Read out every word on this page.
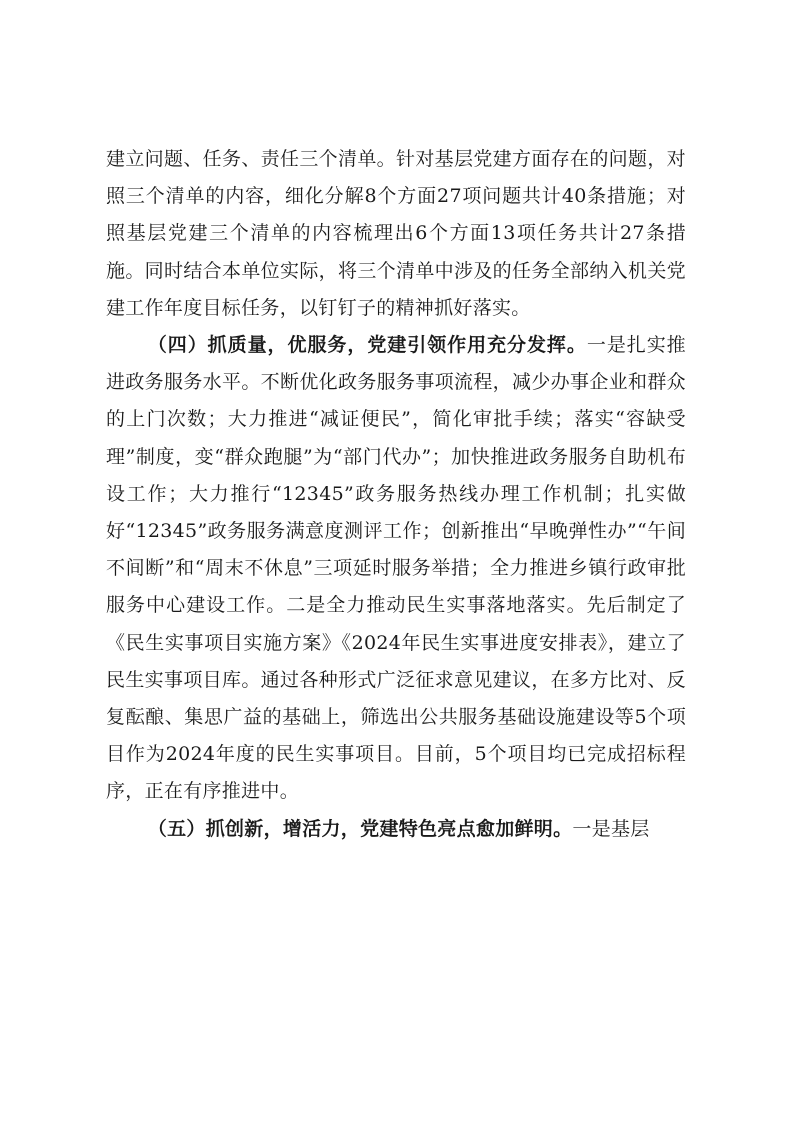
建立问题、任务、责任三个清单。针对基层党建方面存在的问题，对照三个清单的内容，细化分解8个方面27项问题共计40条措施；对照基层党建三个清单的内容梳理出6个方面13项任务共计27条措施。同时结合本单位实际，将三个清单中涉及的任务全部纳入机关党建工作年度目标任务，以钉钉子的精神抓好落实。

（四）抓质量，优服务，党建引领作用充分发挥。一是扎实推进政务服务水平。不断优化政务服务事项流程，减少办事企业和群众的上门次数；大力推进“减证便民”，简化审批手续；落实“容缺受理”制度，变“群众跑腿”为“部门代办”；加快推进政务服务自助机布设工作；大力推行“12345”政务服务热线办理工作机制；扎实做好“12345”政务服务满意度测评工作；创新推出“早晚弹性办”“午间不间断”和“周末不休息”三项延时服务举措；全力推进乡镇行政审批服务中心建设工作。二是全力推动民生实事落地落实。先后制定了《民生实事项目实施方案》《2024年民生实事进度安排表》，建立了民生实事项目库。通过各种形式广泛征求意见建议，在多方比对、反复酝酿、集思广益的基础上，筛选出公共服务基础设施建设等5个项目作为2024年度的民生实事项目。目前，5个项目均已完成招标程序，正在有序推进中。

（五）抓创新，增活力，党建特色亮点愈加鲜明。一是基层
